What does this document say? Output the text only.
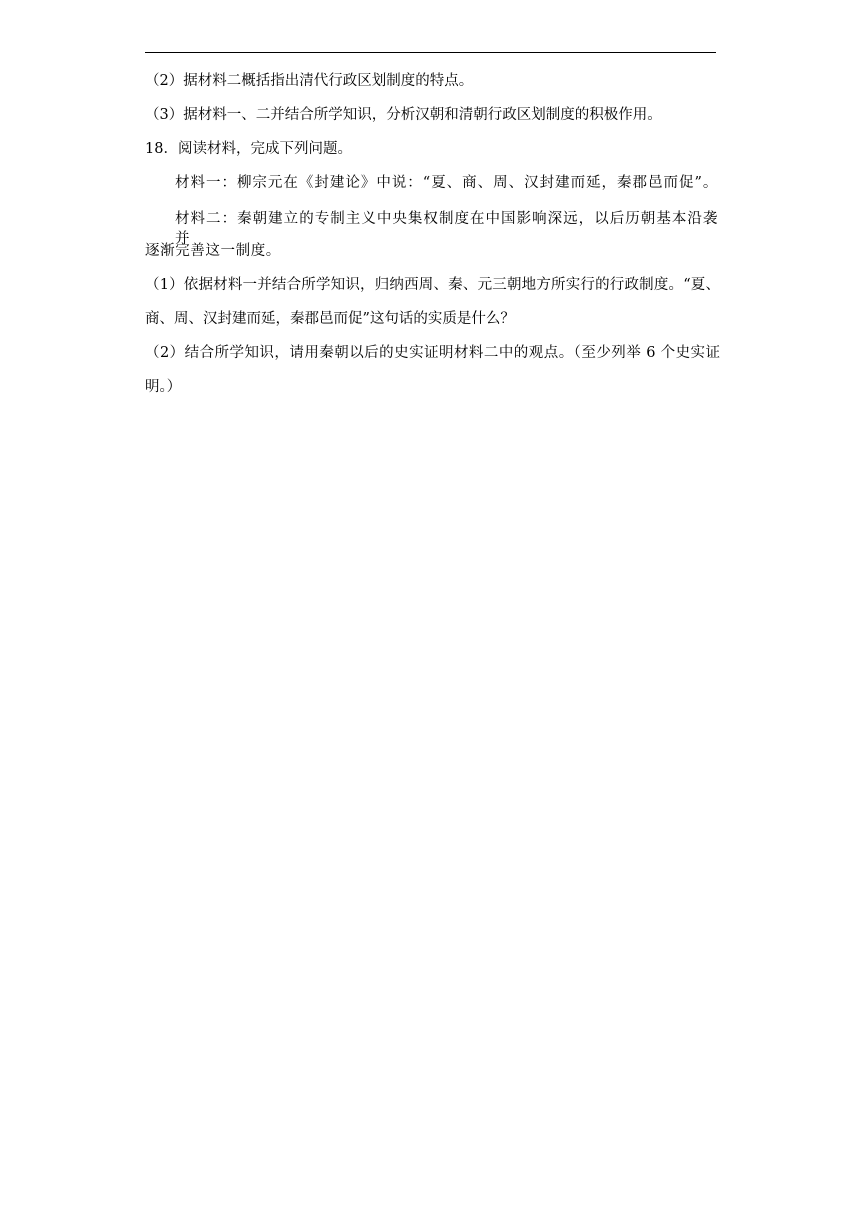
（2）据材料二概括指出清代行政区划制度的特点。
（3）据材料一、二并结合所学知识，分析汉朝和清朝行政区划制度的积极作用。
18．阅读材料，完成下列问题。
材料一：柳宗元在《封建论》中说：“夏、商、周、汉封建而延，秦郡邑而促”。
材料二：秦朝建立的专制主义中央集权制度在中国影响深远，以后历朝基本沿袭并
逐渐完善这一制度。
（1）依据材料一并结合所学知识，归纳西周、秦、元三朝地方所实行的行政制度。“夏、
商、周、汉封建而延，秦郡邑而促”这句话的实质是什么？
（2）结合所学知识，请用秦朝以后的史实证明材料二中的观点。（至少列举 6 个史实证
明。）
